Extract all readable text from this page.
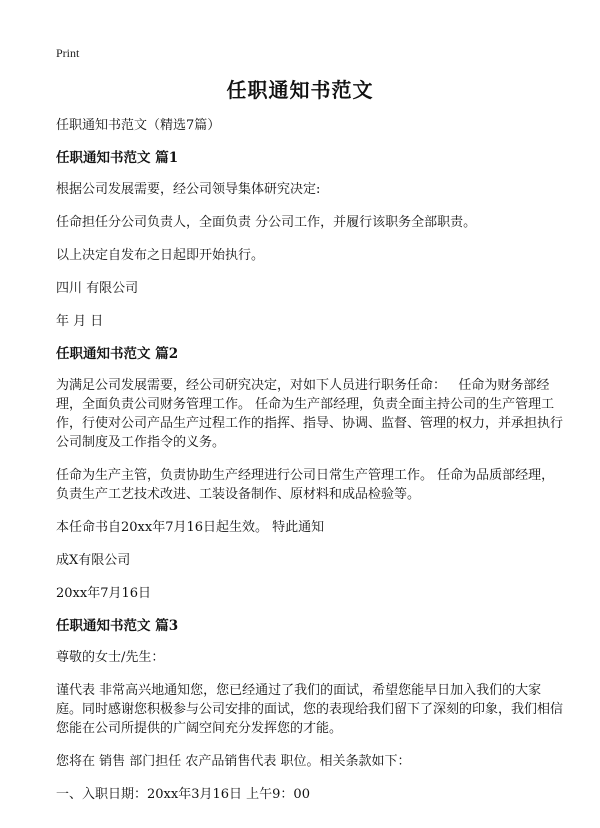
Print
任职通知书范文

任职通知书范文（精选7篇）

任职通知书范文 篇1

根据公司发展需要，经公司领导集体研究决定:

任命担任分公司负责人，全面负责 分公司工作，并履行该职务全部职责。

以上决定自发布之日起即开始执行。

四川 有限公司

年 月 日

任职通知书范文 篇2

为满足公司发展需要，经公司研究决定，对如下人员进行职务任命：   任命为财务部经理，全面负责公司财务管理工作。 任命为生产部经理，负责全面主持公司的生产管理工作，行使对公司产品生产过程工作的指挥、指导、协调、监督、管理的权力，并承担执行公司制度及工作指令的义务。

任命为生产主管，负责协助生产经理进行公司日常生产管理工作。 任命为品质部经理，负责生产工艺技术改进、工装设备制作、原材料和成品检验等。

本任命书自20xx年7月16日起生效。 特此通知

成X有限公司

20xx年7月16日

任职通知书范文 篇3

尊敬的女士/先生：

谨代表 非常高兴地通知您，您已经通过了我们的面试，希望您能早日加入我们的大家庭。同时感谢您积极参与公司安排的面试，您的表现给我们留下了深刻的印象，我们相信您能在公司所提供的广阔空间充分发挥您的才能。

您将在 销售 部门担任 农产品销售代表 职位。相关条款如下：

一、入职日期：20xx年3月16日 上午9：00
